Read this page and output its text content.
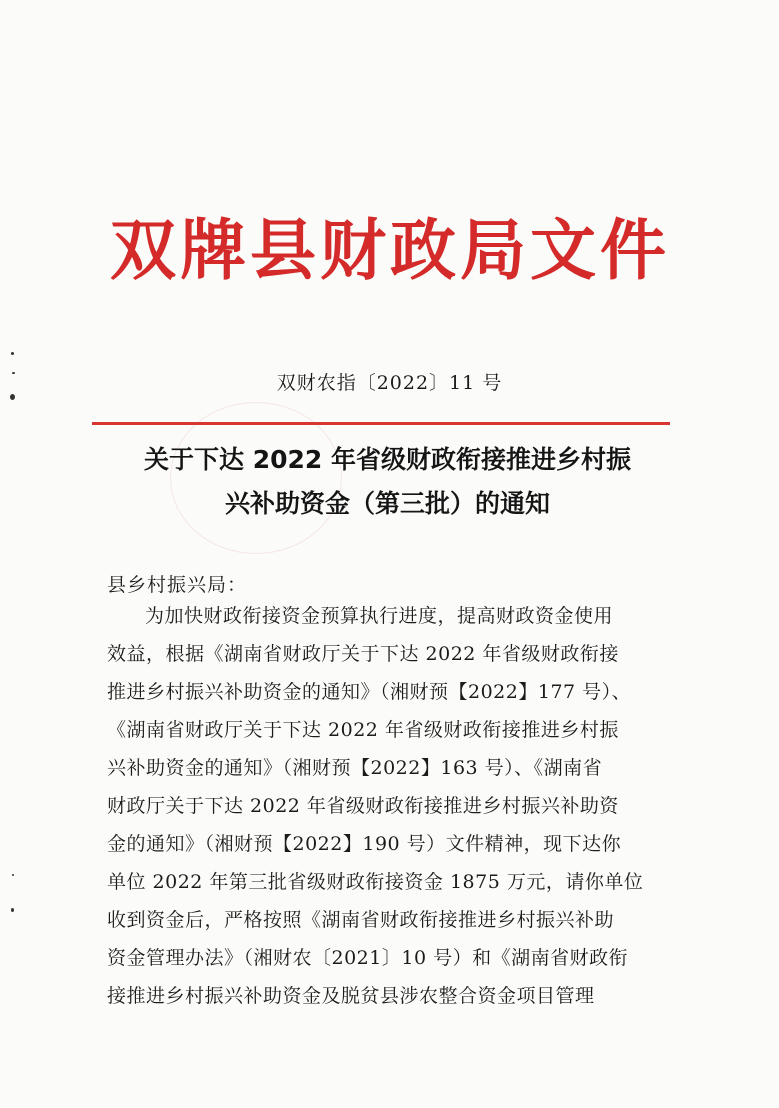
双牌县财政局文件
双财农指〔2022〕11 号
关于下达 2022 年省级财政衔接推进乡村振
兴补助资金（第三批）的通知
县乡村振兴局：
为加快财政衔接资金预算执行进度，提高财政资金使用
效益，根据《湖南省财政厅关于下达 2022 年省级财政衔接
推进乡村振兴补助资金的通知》（湘财预【2022】177 号）、
《湖南省财政厅关于下达 2022 年省级财政衔接推进乡村振
兴补助资金的通知》（湘财预【2022】163 号）、《湖南省
财政厅关于下达 2022 年省级财政衔接推进乡村振兴补助资
金的通知》（湘财预【2022】190 号）文件精神，现下达你
单位 2022 年第三批省级财政衔接资金 1875 万元，请你单位
收到资金后，严格按照《湖南省财政衔接推进乡村振兴补助
资金管理办法》（湘财农〔2021〕10 号）和《湖南省财政衔
接推进乡村振兴补助资金及脱贫县涉农整合资金项目管理
